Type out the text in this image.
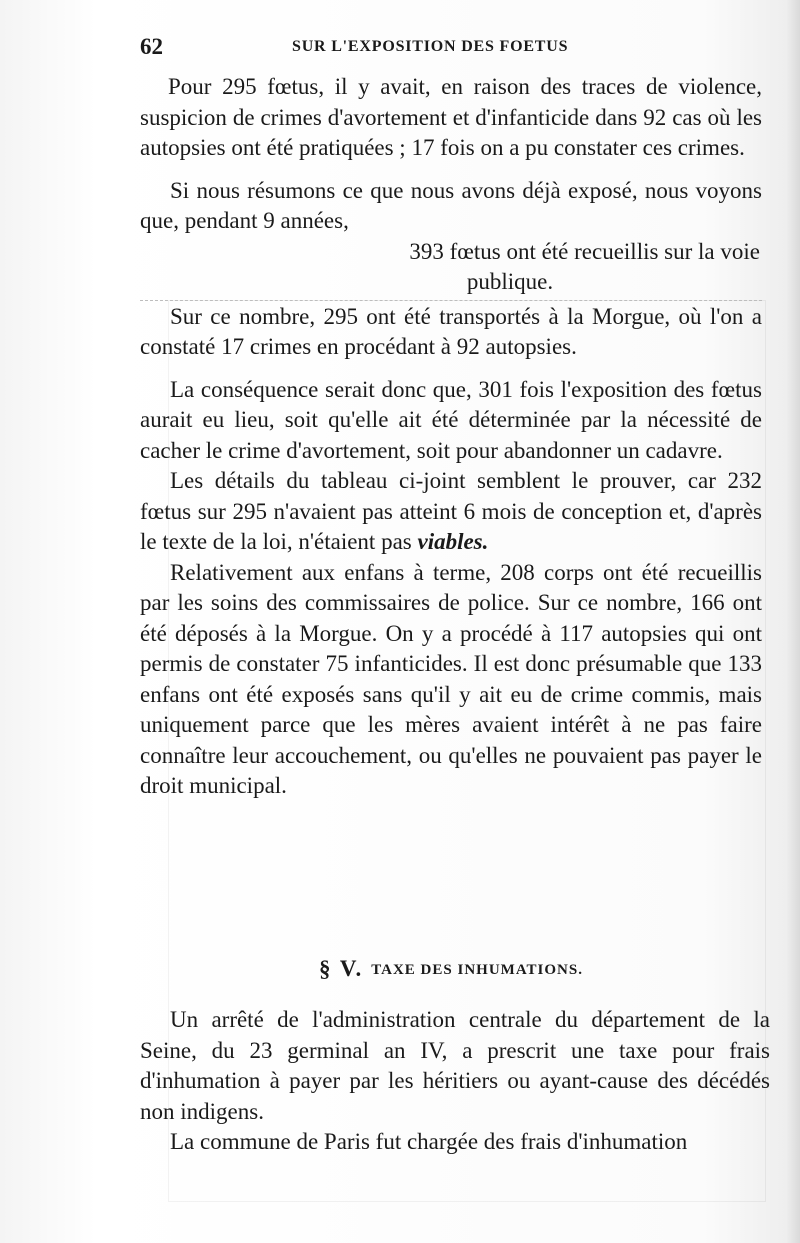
62	SUR L'EXPOSITION DES FOETUS

Pour 295 fœtus, il y avait, en raison des traces de violence, suspicion de crimes d'avortement et d'infanticide dans 92 cas où les autopsies ont été pratiquées ; 17 fois on a pu constater ces crimes.

Si nous résumons ce que nous avons déjà exposé, nous voyons que, pendant 9 années,

393 fœtus ont été recueillis sur la voie

publique.

Sur ce nombre, 295 ont été transportés à la Morgue, où l'on a constaté 17 crimes en procédant à 92 autopsies.

La conséquence serait donc que, 301 fois l'exposition des fœtus aurait eu lieu, soit qu'elle ait été déterminée par la nécessité de cacher le crime d'avortement, soit pour abandonner un cadavre.

Les détails du tableau ci-joint semblent le prouver, car 232 fœtus sur 295 n'avaient pas atteint 6 mois de conception et, d'après le texte de la loi, n'étaient pas viables.

Relativement aux enfans à terme, 208 corps ont été recueillis par les soins des commissaires de police. Sur ce nombre, 166 ont été déposés à la Morgue. On y a procédé à 117 autopsies qui ont permis de constater 75 infanticides. Il est donc présumable que 133 enfans ont été exposés sans qu'il y ait eu de crime commis, mais uniquement parce que les mères avaient intérêt à ne pas faire connaître leur accouchement, ou qu'elles ne pouvaient pas payer le droit municipal.

§ V. TAXE DES INHUMATIONS.

Un arrêté de l'administration centrale du département de la Seine, du 23 germinal an IV, a prescrit une taxe pour frais d'inhumation à payer par les héritiers ou ayant-cause des décédés non indigens.

La commune de Paris fut chargée des frais d'inhumation
